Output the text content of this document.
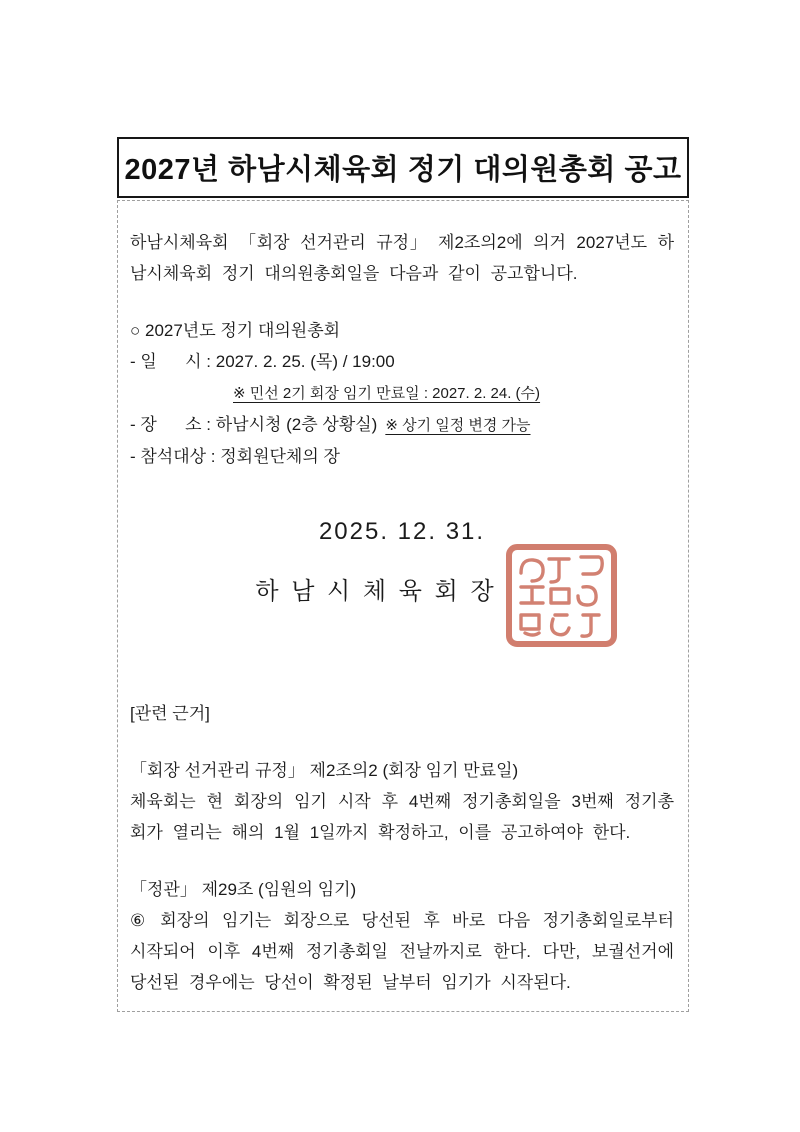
2027년 하남시체육회 정기 대의원총회 공고
하남시체육회 「회장 선거관리 규정」 제2조의2에 의거 2027년도 하남시체육회 정기 대의원총회일을 다음과 같이 공고합니다.
○ 2027년도 정기 대의원총회
- 일      시 : 2027. 2. 25. (목) / 19:00
※ 민선 2기 회장 임기 만료일 : 2027. 2. 24. (수)
- 장      소 : 하남시청 (2층 상황실) ※ 상기 일정 변경 가능
- 참석대상 : 정회원단체의 장
2025. 12. 31.
하 남 시 체 육 회 장
[관련 근거]
「회장 선거관리 규정」 제2조의2 (회장 임기 만료일)
체육회는 현 회장의 임기 시작 후 4번째 정기총회일을 3번째 정기총회가 열리는 해의 1월 1일까지 확정하고, 이를 공고하여야 한다.
「정관」 제29조 (임원의 임기)
⑥ 회장의 임기는 회장으로 당선된 후 바로 다음 정기총회일로부터 시작되어 이후 4번째 정기총회일 전날까지로 한다. 다만, 보궐선거에 당선된 경우에는 당선이 확정된 날부터 임기가 시작된다.
